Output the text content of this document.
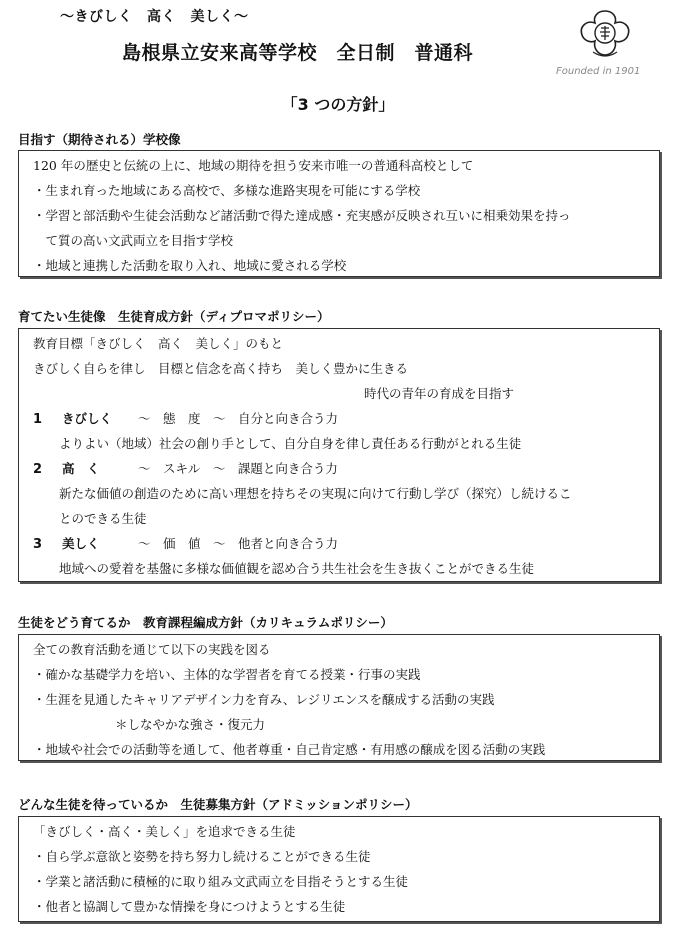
〜きびしく　高く　美しく〜
島根県立安来高等学校　全日制　普通科
Founded in 1901
「3 つの方針」
目指す（期待される）学校像
120 年の歴史と伝統の上に、地域の期待を担う安来市唯一の普通科高校として
・生まれ育った地域にある高校で、多様な進路実現を可能にする学校
・学習と部活動や生徒会活動など諸活動で得た達成感・充実感が反映され互いに相乗効果を持っ
　て質の高い文武両立を目指す学校
・地域と連携した活動を取り入れ、地域に愛される学校
育てたい生徒像　生徒育成方針（ディプロマポリシー）
教育目標「きびしく　高く　美しく」のもと
きびしく自らを律し　目標と信念を高く持ち　美しく豊かに生きる
時代の青年の育成を目指す
1 きびしく 〜　態　度　〜　自分と向き合う力
よりよい（地域）社会の創り手として、自分自身を律し責任ある行動がとれる生徒
2 高　く	〜　スキル　〜　課題と向き合う力
新たな価値の創造のために高い理想を持ちその実現に向けて行動し学び（探究）し続けるこ
とのできる生徒
3 美しく	〜　価　値　〜　他者と向き合う力
地域への愛着を基盤に多様な価値観を認め合う共生社会を生き抜くことができる生徒
生徒をどう育てるか　教育課程編成方針（カリキュラムポリシー）
全ての教育活動を通じて以下の実践を図る
・確かな基礎学力を培い、主体的な学習者を育てる授業・行事の実践
・生涯を見通したキャリアデザイン力を育み、レジリエンスを醸成する活動の実践
＊しなやかな強さ・復元力
・地域や社会での活動等を通して、他者尊重・自己肯定感・有用感の醸成を図る活動の実践
どんな生徒を待っているか　生徒募集方針（アドミッションポリシー）
「きびしく・高く・美しく」を追求できる生徒
・自ら学ぶ意欲と姿勢を持ち努力し続けることができる生徒
・学業と諸活動に積極的に取り組み文武両立を目指そうとする生徒
・他者と協調して豊かな情操を身につけようとする生徒
